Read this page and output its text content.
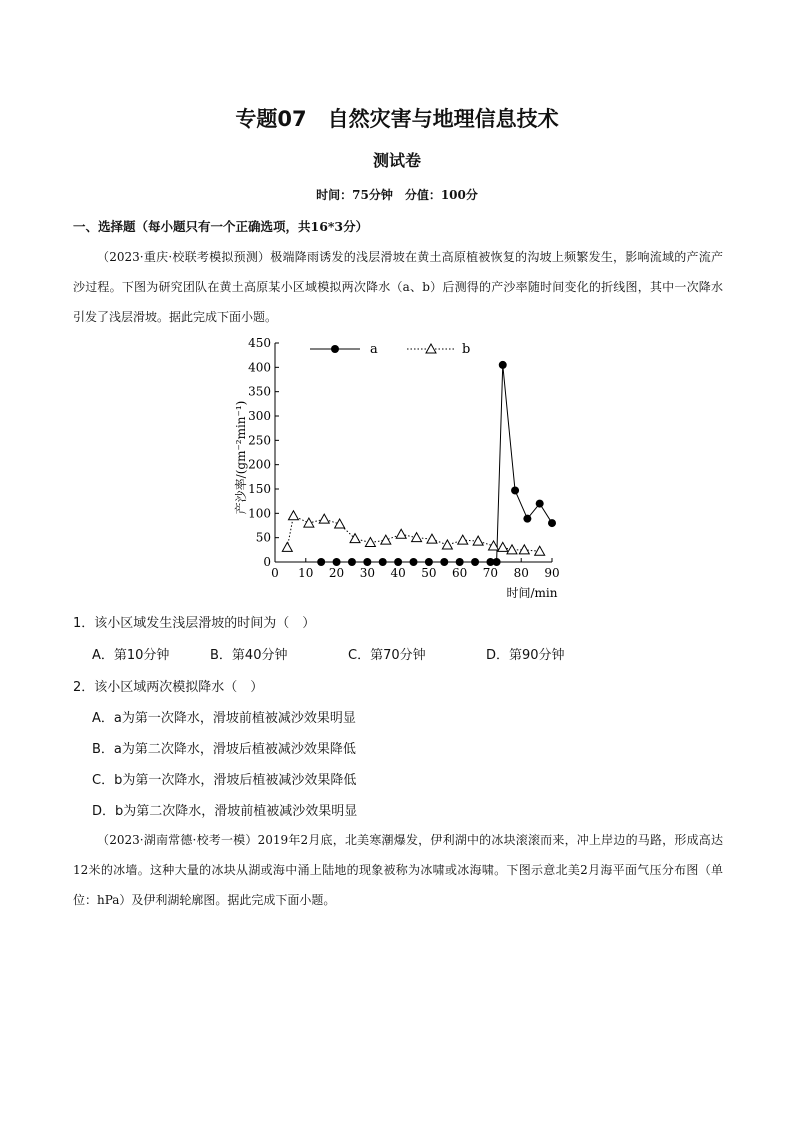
专题07　自然灾害与地理信息技术
测试卷
时间：75分钟　分值：100分
一、选择题（每小题只有一个正确选项，共16*3分）
（2023·重庆·校联考模拟预测）极端降雨诱发的浅层滑坡在黄土高原植被恢复的沟坡上频繁发生，影响流域的产流产沙过程。下图为研究团队在黄土高原某小区域模拟两次降水（a、b）后测得的产沙率随时间变化的折线图，其中一次降水引发了浅层滑坡。据此完成下面小题。
0
50
100
150
200
250
300
350
400
450
0 10 20 30 40 50 60 70 80 90
时间/min
产沙率/(gm⁻²min⁻¹)
a	b
1．该小区域发生浅层滑坡的时间为（　）
A．第10分钟	B．第40分钟	C．第70分钟	D．第90分钟
2．该小区域两次模拟降水（　）
A．a为第一次降水，滑坡前植被减沙效果明显
B．a为第二次降水，滑坡后植被减沙效果降低
C．b为第一次降水，滑坡后植被减沙效果降低
D．b为第二次降水，滑坡前植被减沙效果明显
（2023·湖南常德·校考一模）2019年2月底，北美寒潮爆发，伊利湖中的冰块滚滚而来，冲上岸边的马路，形成高达12米的冰墙。这种大量的冰块从湖或海中涌上陆地的现象被称为冰啸或冰海啸。下图示意北美2月海平面气压分布图（单位：hPa）及伊利湖轮廓图。据此完成下面小题。
